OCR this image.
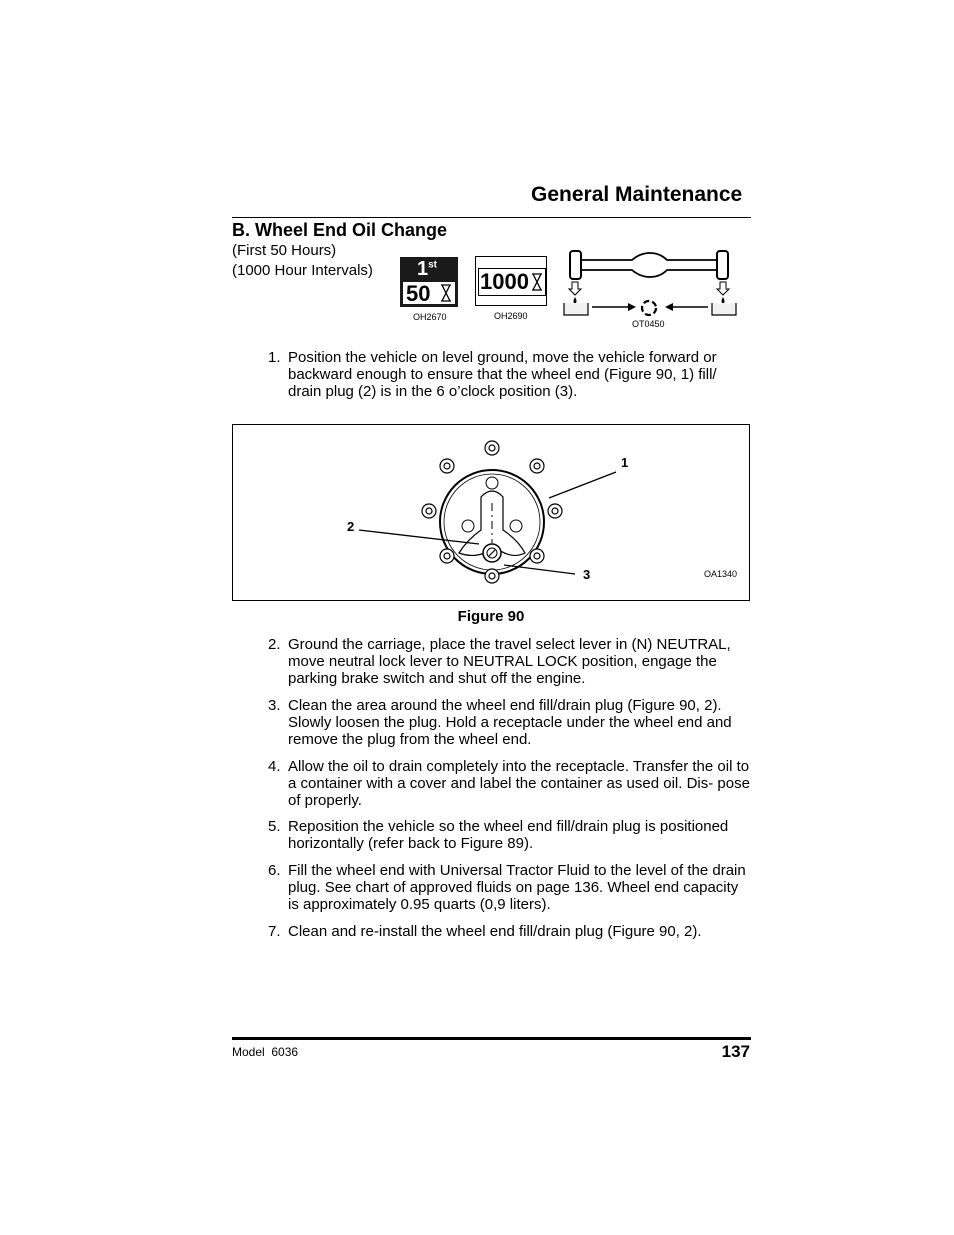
General Maintenance
B. Wheel End Oil Change
(First 50 Hours)
(1000 Hour Intervals) 1st
50
OH2670
1000
OH2690
OT0450
1. Position the vehicle on level ground, move the vehicle forward or backward enough to ensure that the wheel end (Figure 90, 1) fill/ drain plug (2) is in the 6 o’clock position (3).
1
2
3	OA1340
Figure 90
2. Ground the carriage, place the travel select lever in (N) NEUTRAL, move neutral lock lever to NEUTRAL LOCK position, engage the parking brake switch and shut off the engine.
3. Clean the area around the wheel end fill/drain plug (Figure 90, 2). Slowly loosen the plug. Hold a receptacle under the wheel end and remove the plug from the wheel end.
4. Allow the oil to drain completely into the receptacle. Transfer the oil to a container with a cover and label the container as used oil. Dis- pose of properly.
5. Reposition the vehicle so the wheel end fill/drain plug is positioned horizontally (refer back to Figure 89).
6. Fill the wheel end with Universal Tractor Fluid to the level of the drain plug. See chart of approved fluids on page 136. Wheel end capacity is approximately 0.95 quarts (0,9 liters).
7. Clean and re-install the wheel end fill/drain plug (Figure 90, 2).
Model  6036	137
